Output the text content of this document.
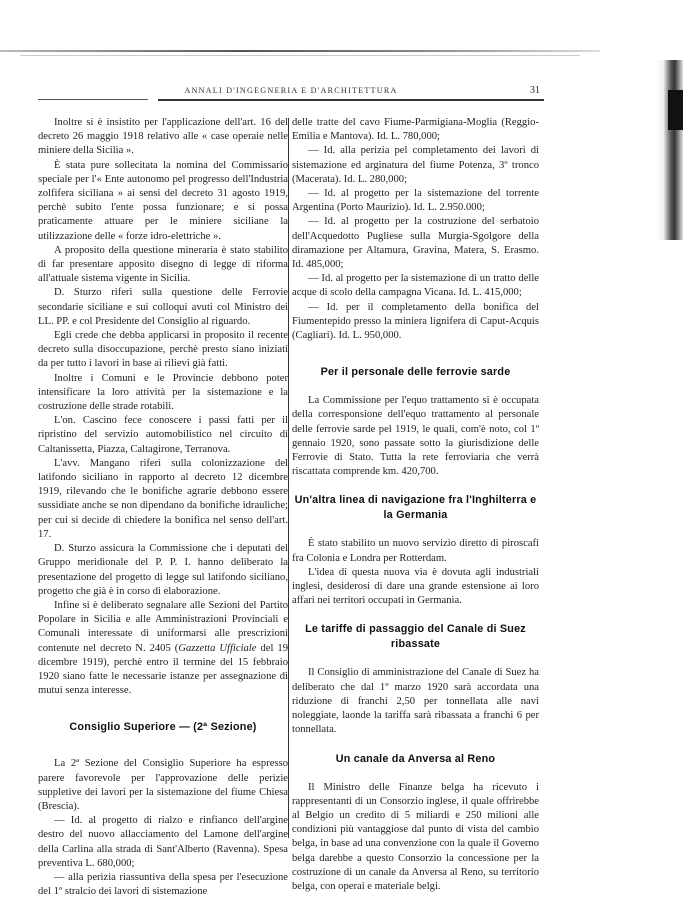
ANNALI D'INGEGNERIA E D'ARCHITETTURA	31

Inoltre si è insistito per l'applicazione dell'art. 16 del decreto 26 maggio 1918 relativo alle « case operaie nelle miniere della Sicilia ».

È stata pure sollecitata la nomina del Commissario speciale per l'« Ente autonomo pel progresso dell'Industria zolfifera siciliana » ai sensi del decreto 31 agosto 1919, perchè subito l'ente possa funzionare; e si possa praticamente attuare per le miniere siciliane la utilizzazione delle « forze idro-elettriche ».

A proposito della questione mineraria è stato stabilito di far presentare apposito disegno di legge di riforma all'attuale sistema vigente in Sicilia.

D. Sturzo riferì sulla questione delle Ferrovie secondarie siciliane e sui colloqui avuti col Ministro dei LL. PP. e col Presidente del Consiglio al riguardo.

Egli crede che debba applicarsi in proposito il recente decreto sulla disoccupazione, perchè presto siano iniziati da per tutto i lavori in base ai rilievi già fatti.

Inoltre i Comuni e le Provincie debbono poter intensificare la loro attività per la sistemazione e la costruzione delle strade rotabili.

L'on. Cascino fece conoscere i passi fatti per il ripristino del servizio automobilistico nel circuito di Caltanissetta, Piazza, Caltagirone, Terranova.

L'avv. Mangano riferì sulla colonizzazione del latifondo siciliano in rapporto al decreto 12 dicembre 1919, rilevando che le bonifiche agrarie debbono essere sussidiate anche se non dipendano da bonifiche idrauliche; per cui si decide di chiedere la bonifica nel senso dell'art. 17.

D. Sturzo assicura la Commissione che i deputati del Gruppo meridionale del P. P. I. hanno deliberato la presentazione del progetto di legge sul latifondo siciliano, progetto che già è in corso di elaborazione.

Infine si è deliberato segnalare alle Sezioni del Partito Popolare in Sicilia e alle Amministrazioni Provinciali e Comunali interessate di uniformarsi alle prescrizioni contenute nel decreto N. 2405 (Gazzetta Ufficiale del 19 dicembre 1919), perchè entro il termine del 15 febbraio 1920 siano fatte le necessarie istanze per assegnazione di mutui senza interesse.

Consiglio Superiore — (2ª Sezione)

La 2ª Sezione del Consiglio Superiore ha espresso parere favorevole per l'approvazione delle perizie suppletive dei lavori per la sistemazione del fiume Chiesa (Brescia).

— Id. al progetto di rialzo e rinfianco dell'argine destro del nuovo allacciamento del Lamone dell'argine della Carlina alla strada di Sant'Alberto (Ravenna). Spesa preventiva L. 680,000;

— alla perizia riassuntiva della spesa per l'esecuzione del 1º stralcio dei lavori di sistemazione

delle tratte del cavo Fiume-Parmigiana-Moglia (Reggio-Emilia e Mantova). Id. L. 780,000;

— Id. alla perizia pel completamento dei lavori di sistemazione ed arginatura del fiume Potenza, 3º tronco (Macerata). Id. L. 280,000;

— Id. al progetto per la sistemazione del torrente Argentina (Porto Maurizio). Id. L. 2.950.000;

— Id. al progetto per la costruzione del serbatoio dell'Acquedotto Pugliese sulla Murgia-Sgolgore della diramazione per Altamura, Gravina, Matera, S. Erasmo. Id. 485,000;

— Id. al progetto per la sistemazione di un tratto delle acque di scolo della campagna Vicana. Id. L. 415,000;

— Id. per il completamento della bonifica del Fiumentepido presso la miniera lignifera di Caput-Acquis (Cagliari). Id. L. 950,000.

Per il personale delle ferrovie sarde

La Commissione per l'equo trattamento si è occupata della corresponsione dell'equo trattamento al personale delle ferrovie sarde pel 1919, le quali, com'è noto, col 1º gennaio 1920, sono passate sotto la giurisdizione delle Ferrovie di Stato. Tutta la rete ferroviaria che verrà riscattata comprende km. 420,700.

Un'altra linea di navigazione fra l'Inghilterra e la Germania

È stato stabilito un nuovo servizio diretto di piroscafi fra Colonia e Londra per Rotterdam.

L'idea di questa nuova via è dovuta agli industriali inglesi, desiderosi di dare una grande estensione ai loro affari nei territori occupati in Germania.

Le tariffe di passaggio del Canale di Suez ribassate

Il Consiglio di amministrazione del Canale di Suez ha deliberato che dal 1º marzo 1920 sarà accordata una riduzione di franchi 2,50 per tonnellata alle navi noleggiate, laonde la tariffa sarà ribassata a franchi 6 per tonnellata.

Un canale da Anversa al Reno

Il Ministro delle Finanze belga ha ricevuto i rappresentanti di un Consorzio inglese, il quale offrirebbe al Belgio un credito di 5 miliardi e 250 milioni alle condizioni più vantaggiose dal punto di vista del cambio belga, in base ad una convenzione con la quale il Governo belga darebbe a questo Consorzio la concessione per la costruzione di un canale da Anversa al Reno, su territorio belga, con operai e materiale belgi.
